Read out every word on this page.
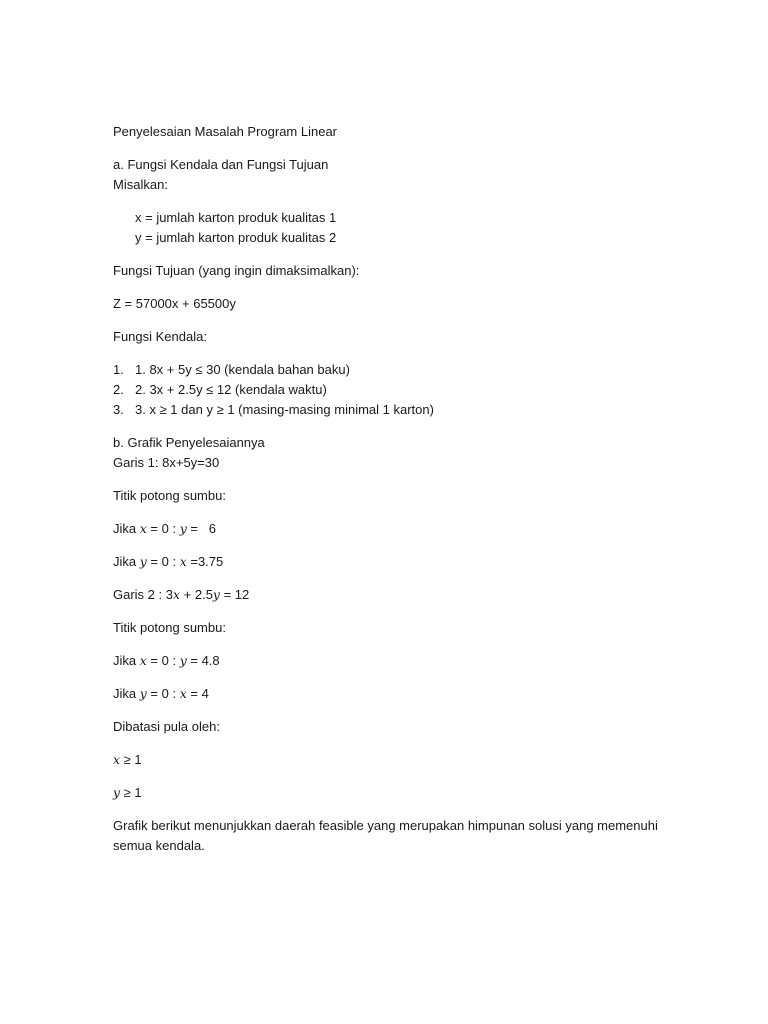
Penyelesaian Masalah Program Linear

a. Fungsi Kendala dan Fungsi Tujuan

Misalkan:

x = jumlah karton produk kualitas 1
y = jumlah karton produk kualitas 2

Fungsi Tujuan (yang ingin dimaksimalkan):

Z = 57000x + 65500y

Fungsi Kendala:

1. 1. 8x + 5y ≤ 30 (kendala bahan baku)
2. 2. 3x + 2.5y ≤ 12 (kendala waktu)
3. 3. x ≥ 1 dan y ≥ 1 (masing-masing minimal 1 karton)

b. Grafik Penyelesaiannya

Garis 1: 8x+5y=30

Titik potong sumbu:

Jika x = 0 : y =   6

Jika y = 0 : x =3.75

Garis 2 : 3x + 2.5y = 12

Titik potong sumbu:

Jika x = 0 : y = 4.8

Jika y = 0 : x = 4

Dibatasi pula oleh:

x ≥ 1

y ≥ 1

Grafik berikut menunjukkan daerah feasible yang merupakan himpunan solusi yang memenuhi semua kendala.
